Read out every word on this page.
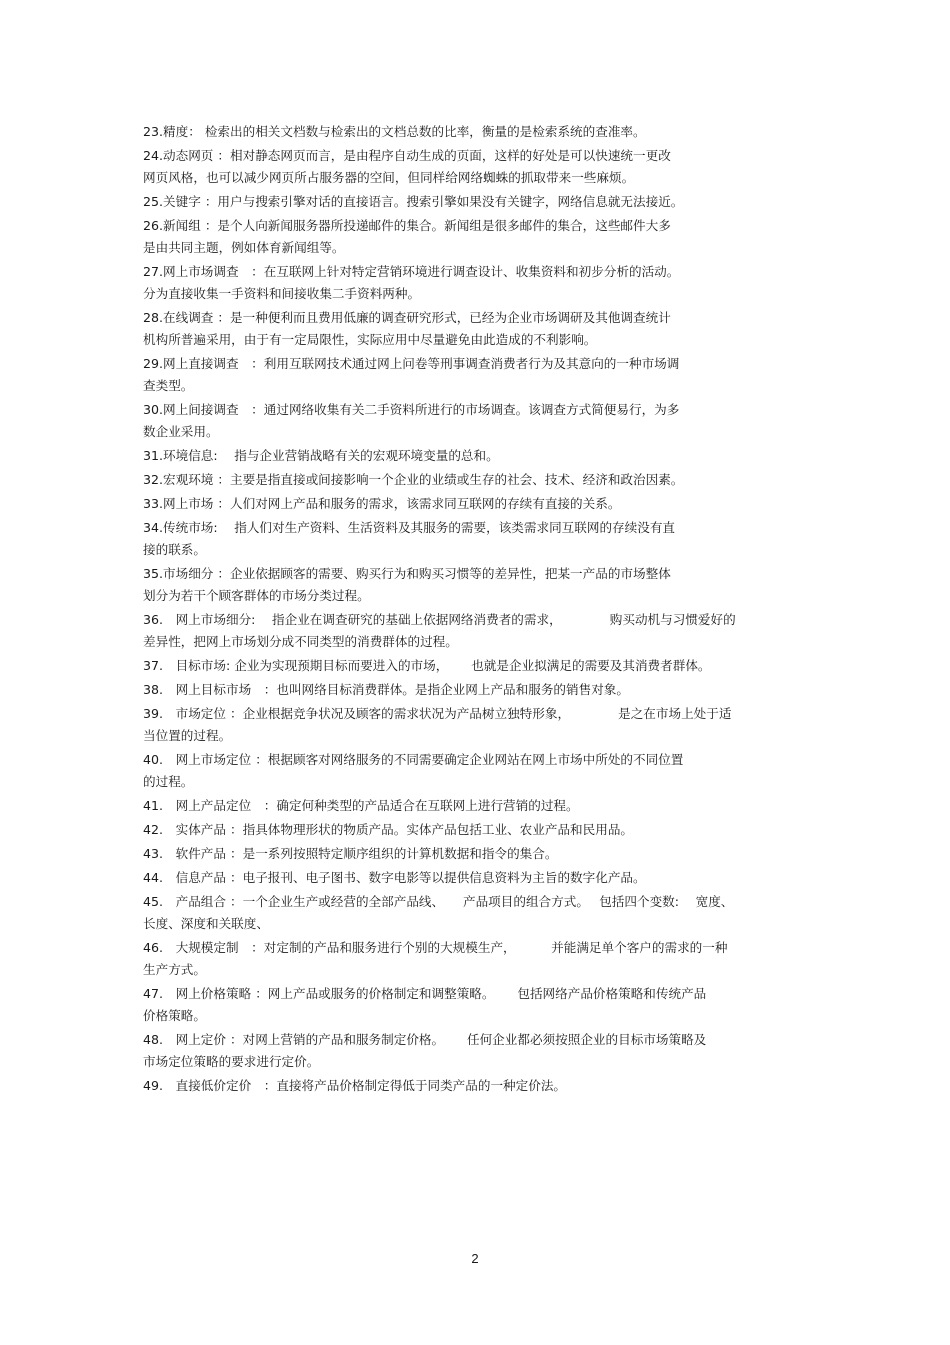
23.精度： 检索出的相关文档数与检索出的文档总数的比率，衡量的是检索系统的查准率。
24.动态网页 ：相对静态网页而言，是由程序自动生成的页面，这样的好处是可以快速统一更改
网页风格，也可以减少网页所占服务器的空间，但同样给网络蜘蛛的抓取带来一些麻烦。
25.关键字 ：用户与搜索引擎对话的直接语言。搜索引擎如果没有关键字，网络信息就无法接近。
26.新闻组 ：是个人向新闻服务器所投递邮件的集合。新闻组是很多邮件的集合，这些邮件大多
是由共同主题，例如体育新闻组等。
27.网上市场调查　：在互联网上针对特定营销环境进行调查设计、收集资料和初步分析的活动。
分为直接收集一手资料和间接收集二手资料两种。
28.在线调查 ：是一种便利而且费用低廉的调查研究形式，已经为企业市场调研及其他调查统计
机构所普遍采用，由于有一定局限性，实际应用中尽量避免由此造成的不利影响。
29.网上直接调查　：利用互联网技术通过网上问卷等刑事调查消费者行为及其意向的一种市场调
查类型。
30.网上间接调查　：通过网络收集有关二手资料所进行的市场调查。该调查方式简便易行，为多
数企业采用。
31.环境信息:　 指与企业营销战略有关的宏观环境变量的总和。
32.宏观环境 ：主要是指直接或间接影响一个企业的业绩或生存的社会、技术、经济和政治因素。
33.网上市场 ：人们对网上产品和服务的需求，该需求同互联网的存续有直接的关系。
34.传统市场:　 指人们对生产资料、生活资料及其服务的需要，该类需求同互联网的存续没有直
接的联系。
35.市场细分 ：企业依据顾客的需要、购买行为和购买习惯等的差异性，把某一产品的市场整体
划分为若干个顾客群体的市场分类过程。
36.　网上市场细分:　 指企业在调查研究的基础上依据网络消费者的需求，　　　　 购买动机与习惯爱好的
差异性，把网上市场划分成不同类型的消费群体的过程。
37.　目标市场: 企业为实现预期目标而要进入的市场，　　 也就是企业拟满足的需要及其消费者群体。
38.　网上目标市场　：也叫网络目标消费群体。是指企业网上产品和服务的销售对象。
39.　市场定位 ：企业根据竞争状况及顾客的需求状况为产品树立独特形象，　　　　 是之在市场上处于适
当位置的过程。
40.　网上市场定位 ：根据顾客对网络服务的不同需要确定企业网站在网上市场中所处的不同位置
的过程。
41.　网上产品定位　：确定何种类型的产品适合在互联网上进行营销的过程。
42.　实体产品 ：指具体物理形状的物质产品。实体产品包括工业、农业产品和民用品。
43.　软件产品 ：是一系列按照特定顺序组织的计算机数据和指令的集合。
44.　信息产品 ：电子报刊、电子图书、数字电影等以提供信息资料为主旨的数字化产品。
45.　产品组合 ：一个企业生产或经营的全部产品线、　　产品项目的组合方式。　 包括四个变数:　 宽度、
长度、深度和关联度、
46.　大规模定制　：对定制的产品和服务进行个别的大规模生产，　　　 并能满足单个客户的需求的一种
生产方式。
47.　网上价格策略 ：网上产品或服务的价格制定和调整策略。　　 包括网络产品价格策略和传统产品
价格策略。
48.　网上定价 ：对网上营销的产品和服务制定价格。　　 任何企业都必须按照企业的目标市场策略及
市场定位策略的要求进行定价。
49.　直接低价定价　：直接将产品价格制定得低于同类产品的一种定价法。
2
